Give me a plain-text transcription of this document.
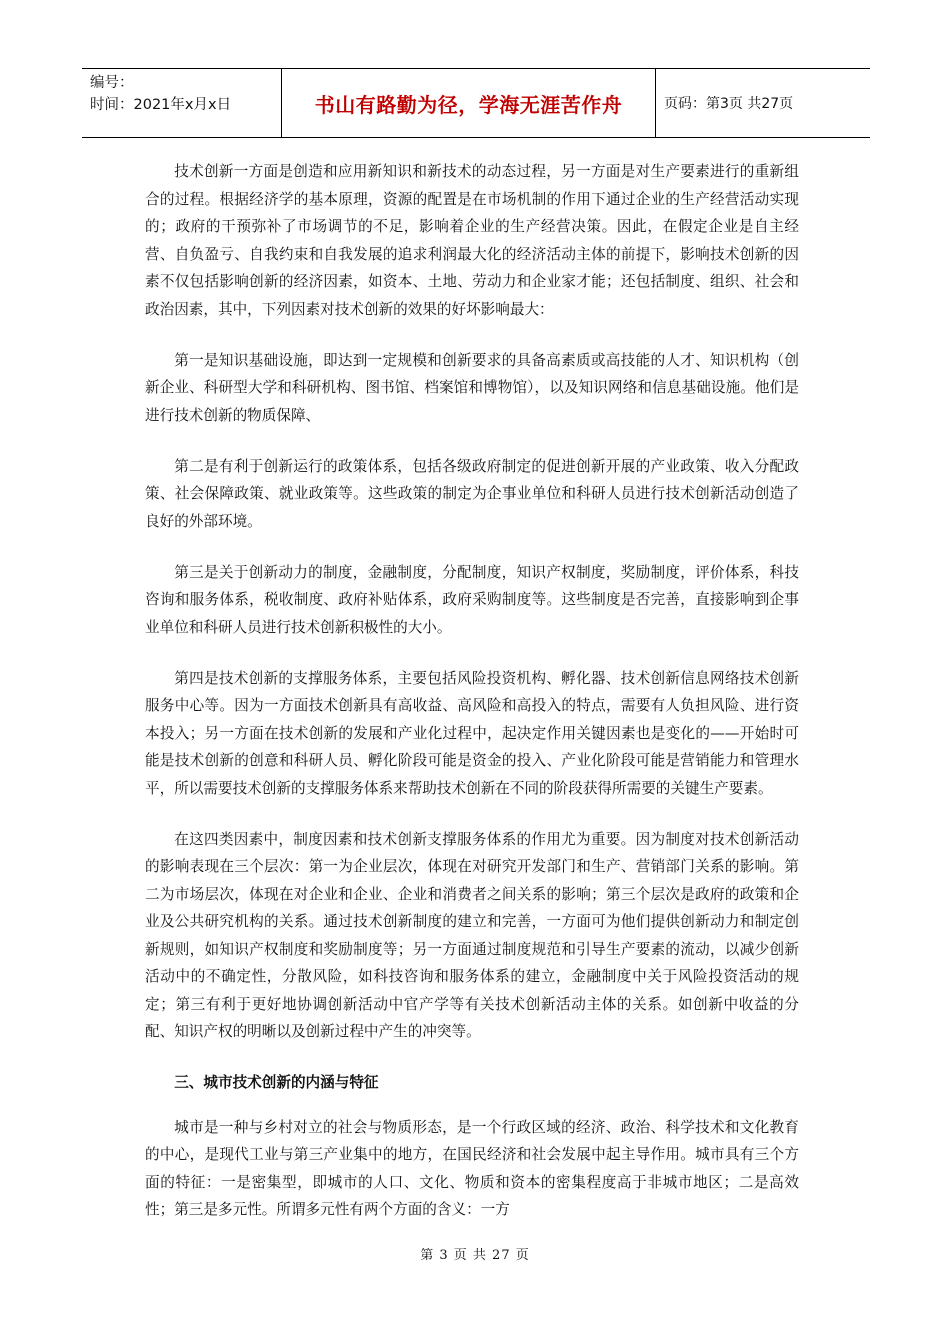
编号：
时间：2021年x月x日	书山有路勤为径，学海无涯苦作舟	页码：第3页 共27页

技术创新一方面是创造和应用新知识和新技术的动态过程，另一方面是对生产要素进行的重新组合的过程。根据经济学的基本原理，资源的配置是在市场机制的作用下通过企业的生产经营活动实现的；政府的干预弥补了市场调节的不足，影响着企业的生产经营决策。因此，在假定企业是自主经营、自负盈亏、自我约束和自我发展的追求利润最大化的经济活动主体的前提下，影响技术创新的因素不仅包括影响创新的经济因素，如资本、土地、劳动力和企业家才能；还包括制度、组织、社会和政治因素，其中，下列因素对技术创新的效果的好坏影响最大：

第一是知识基础设施，即达到一定规模和创新要求的具备高素质或高技能的人才、知识机构（创新企业、科研型大学和科研机构、图书馆、档案馆和博物馆），以及知识网络和信息基础设施。他们是进行技术创新的物质保障、

第二是有利于创新运行的政策体系，包括各级政府制定的促进创新开展的产业政策、收入分配政策、社会保障政策、就业政策等。这些政策的制定为企事业单位和科研人员进行技术创新活动创造了良好的外部环境。

第三是关于创新动力的制度，金融制度，分配制度，知识产权制度，奖励制度，评价体系，科技咨询和服务体系，税收制度、政府补贴体系，政府采购制度等。这些制度是否完善，直接影响到企事业单位和科研人员进行技术创新积极性的大小。

第四是技术创新的支撑服务体系，主要包括风险投资机构、孵化器、技术创新信息网络技术创新服务中心等。因为一方面技术创新具有高收益、高风险和高投入的特点，需要有人负担风险、进行资本投入；另一方面在技术创新的发展和产业化过程中，起决定作用关键因素也是变化的——开始时可能是技术创新的创意和科研人员、孵化阶段可能是资金的投入、产业化阶段可能是营销能力和管理水平，所以需要技术创新的支撑服务体系来帮助技术创新在不同的阶段获得所需要的关键生产要素。

在这四类因素中，制度因素和技术创新支撑服务体系的作用尤为重要。因为制度对技术创新活动的影响表现在三个层次：第一为企业层次，体现在对研究开发部门和生产、营销部门关系的影响。第二为市场层次，体现在对企业和企业、企业和消费者之间关系的影响；第三个层次是政府的政策和企业及公共研究机构的关系。通过技术创新制度的建立和完善，一方面可为他们提供创新动力和制定创新规则，如知识产权制度和奖励制度等；另一方面通过制度规范和引导生产要素的流动，以减少创新活动中的不确定性，分散风险，如科技咨询和服务体系的建立，金融制度中关于风险投资活动的规定；第三有利于更好地协调创新活动中官产学等有关技术创新活动主体的关系。如创新中收益的分配、知识产权的明晰以及创新过程中产生的冲突等。

三、城市技术创新的内涵与特征

城市是一种与乡村对立的社会与物质形态，是一个行政区域的经济、政治、科学技术和文化教育的中心，是现代工业与第三产业集中的地方，在国民经济和社会发展中起主导作用。城市具有三个方面的特征：一是密集型，即城市的人口、文化、物质和资本的密集程度高于非城市地区；二是高效性；第三是多元性。所谓多元性有两个方面的含义：一方

第 3 页 共 27 页
